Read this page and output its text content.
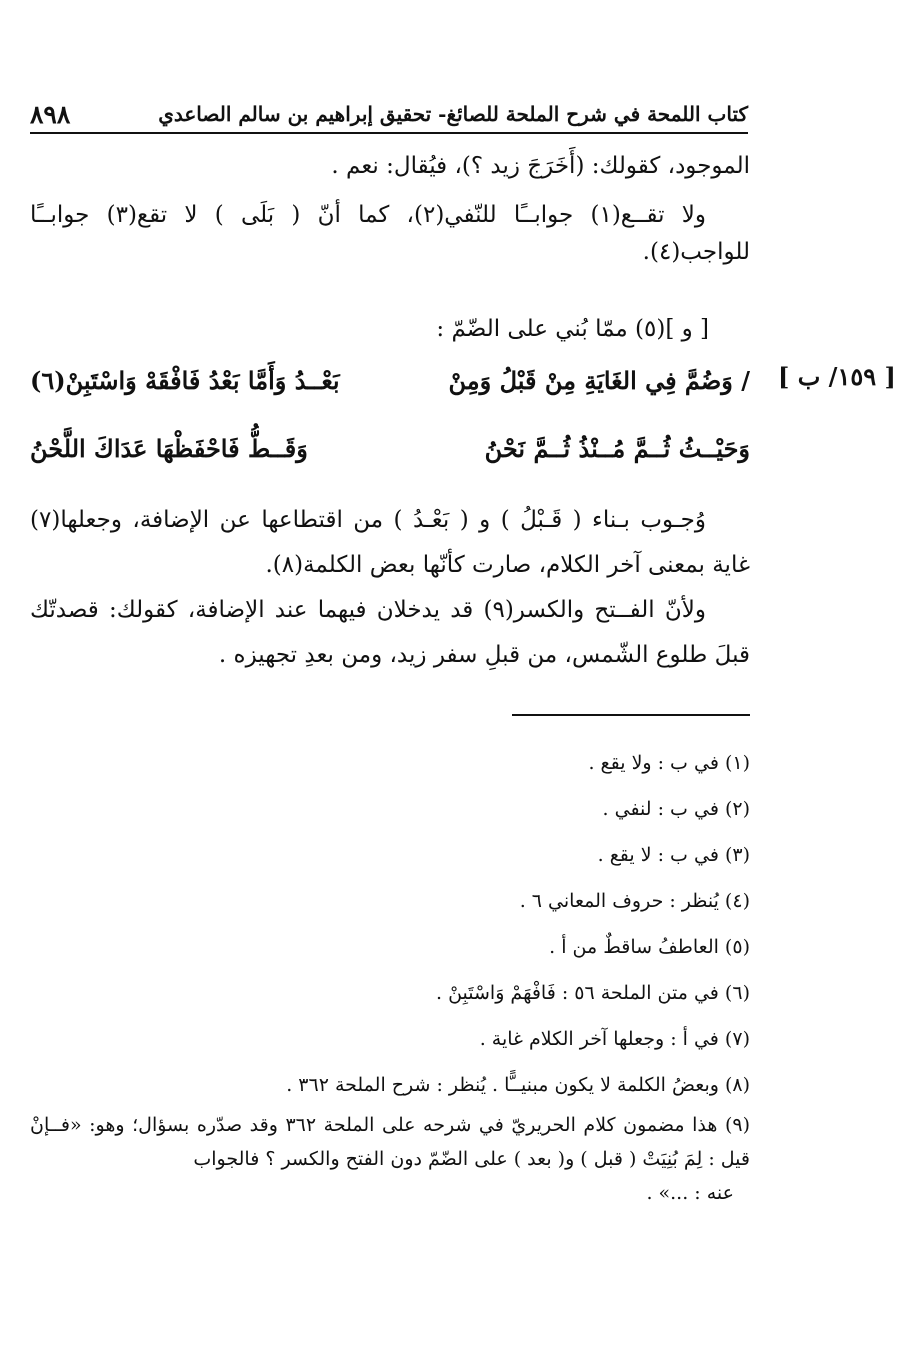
٨٩٨	كتاب اللمحة في شرح الملحة للصائغ- تحقيق إبراهيم بن سالم الصاعدي

الموجود، كقولك: (أَخَرَجَ زيد ؟)، فيُقال: نعم .

ولا تقــع(١) جوابــًا للنّفي(٢)، كما أنّ ( بَلَى ) لا تقع(٣) جوابــًا للواجب(٤).

[ و ](٥) ممّا بُني على الضّمّ :
[ ١٥٩/ ب ]
/ وَضُمَّ فِي الغَايَةِ مِنْ قَبْلُ وَمِنْ
بَعْــدُ وَأَمَّا بَعْدُ فَافْقَهْ وَاسْتَبِنْ(٦)
وَحَيْــثُ ثُــمَّ مُــنْذُ ثُــمَّ نَحْنُ
وَقَــطُّ فَاحْفَظْهَا عَدَاكَ اللَّحْنُ

وُجـوب بـناء ( قَـبْلُ ) و ( بَعْـدُ ) من اقتطاعها عن الإضافة، وجعلها(٧) غاية بمعنى آخر الكلام، صارت كأنّها بعض الكلمة(٨).

ولأنّ الفــتح والكسر(٩) قد يدخلان فيهما عند الإضافة، كقولك: قصدتّك قبلَ طلوع الشّمس، من قبلِ سفر زيد، ومن بعدِ تجهيزه .

(١) في ب : ولا يقع .

(٢) في ب : لنفي .

(٣) في ب : لا يقع .

(٤) يُنظر : حروف المعاني ٦ .

(٥) العاطفُ ساقطٌ من أ .

(٦) في متن الملحة ٥٦ : فَافْهَمْ وَاسْتَبِنْ .

(٧) في أ : وجعلها آخر الكلام غاية .

(٨) وبعضُ الكلمة لا يكون مبنيــًّا . يُنظر : شرح الملحة ٣٦٢ .

(٩) هذا مضمون كلام الحريريّ في شرحه على الملحة ٣٦٢ وقد صدّره بسؤال؛ وهو: «فــإنْ قيل : لِمَ بُنِيَتْ ( قبل ) و( بعد ) على الضّمّ دون الفتح والكسر ؟ فالجواب

عنه : ...» .
